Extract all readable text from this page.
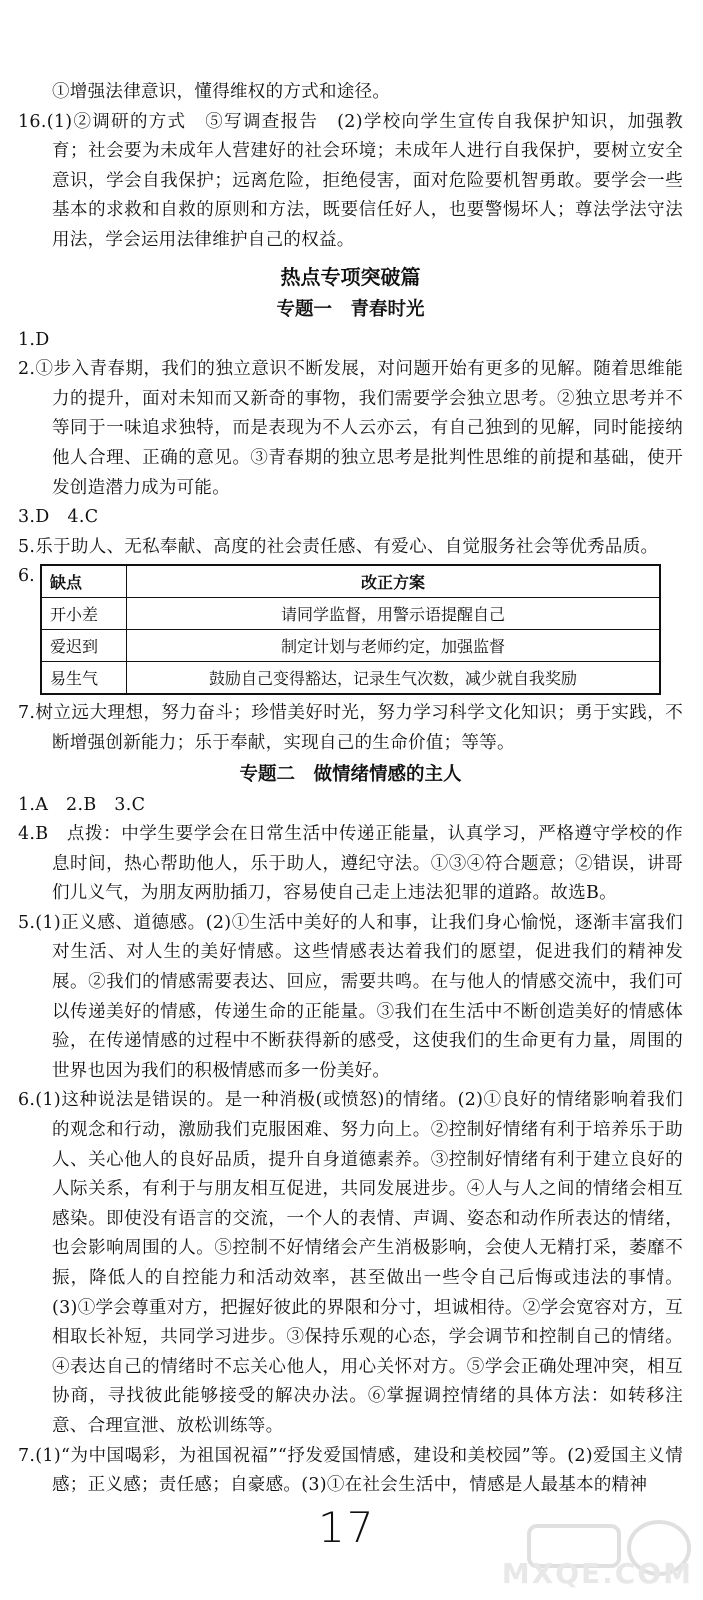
①增强法律意识，懂得维权的方式和途径。

16.(1)②调研的方式　⑤写调查报告　(2)学校向学生宣传自我保护知识，加强教育；社会要为未成年人营建好的社会环境；未成年人进行自我保护，要树立安全意识，学会自我保护；远离危险，拒绝侵害，面对危险要机智勇敢。要学会一些基本的求救和自救的原则和方法，既要信任好人，也要警惕坏人；尊法学法守法用法，学会运用法律维护自己的权益。

热点专项突破篇
专题一　青春时光

1.D

2.①步入青春期，我们的独立意识不断发展，对问题开始有更多的见解。随着思维能力的提升，面对未知而又新奇的事物，我们需要学会独立思考。②独立思考并不等同于一味追求独特，而是表现为不人云亦云，有自己独到的见解，同时能接纳他人合理、正确的意见。③青春期的独立思考是批判性思维的前提和基础，使开发创造潜力成为可能。

3.D　4.C

5.乐于助人、无私奉献、高度的社会责任感、有爱心、自觉服务社会等优秀品质。

6. 缺点	改正方案
开小差	请同学监督，用警示语提醒自己
爱迟到	制定计划与老师约定，加强监督
易生气	鼓励自己变得豁达，记录生气次数，减少就自我奖励

7.树立远大理想，努力奋斗；珍惜美好时光，努力学习科学文化知识；勇于实践，不断增强创新能力；乐于奉献，实现自己的生命价值；等等。

专题二　做情绪情感的主人

1.A　2.B　3.C

4.B　点拨：中学生要学会在日常生活中传递正能量，认真学习，严格遵守学校的作息时间，热心帮助他人，乐于助人，遵纪守法。①③④符合题意；②错误，讲哥们儿义气，为朋友两肋插刀，容易使自己走上违法犯罪的道路。故选B。

5.(1)正义感、道德感。(2)①生活中美好的人和事，让我们身心愉悦，逐渐丰富我们对生活、对人生的美好情感。这些情感表达着我们的愿望，促进我们的精神发展。②我们的情感需要表达、回应，需要共鸣。在与他人的情感交流中，我们可以传递美好的情感，传递生命的正能量。③我们在生活中不断创造美好的情感体验，在传递情感的过程中不断获得新的感受，这使我们的生命更有力量，周围的世界也因为我们的积极情感而多一份美好。

6.(1)这种说法是错误的。是一种消极(或愤怒)的情绪。(2)①良好的情绪影响着我们的观念和行动，激励我们克服困难、努力向上。②控制好情绪有利于培养乐于助人、关心他人的良好品质，提升自身道德素养。③控制好情绪有利于建立良好的人际关系，有利于与朋友相互促进，共同发展进步。④人与人之间的情绪会相互感染。即使没有语言的交流，一个人的表情、声调、姿态和动作所表达的情绪，也会影响周围的人。⑤控制不好情绪会产生消极影响，会使人无精打采，萎靡不振，降低人的自控能力和活动效率，甚至做出一些令自己后悔或违法的事情。(3)①学会尊重对方，把握好彼此的界限和分寸，坦诚相待。②学会宽容对方，互相取长补短，共同学习进步。③保持乐观的心态，学会调节和控制自己的情绪。④表达自己的情绪时不忘关心他人，用心关怀对方。⑤学会正确处理冲突，相互协商，寻找彼此能够接受的解决办法。⑥掌握调控情绪的具体方法：如转移注意、合理宣泄、放松训练等。

7.(1)“为中国喝彩，为祖国祝福”“抒发爱国情感，建设和美校园”等。(2)爱国主义情感；正义感；责任感；自豪感。(3)①在社会生活中，情感是人最基本的精神

17
MXQE.COM
